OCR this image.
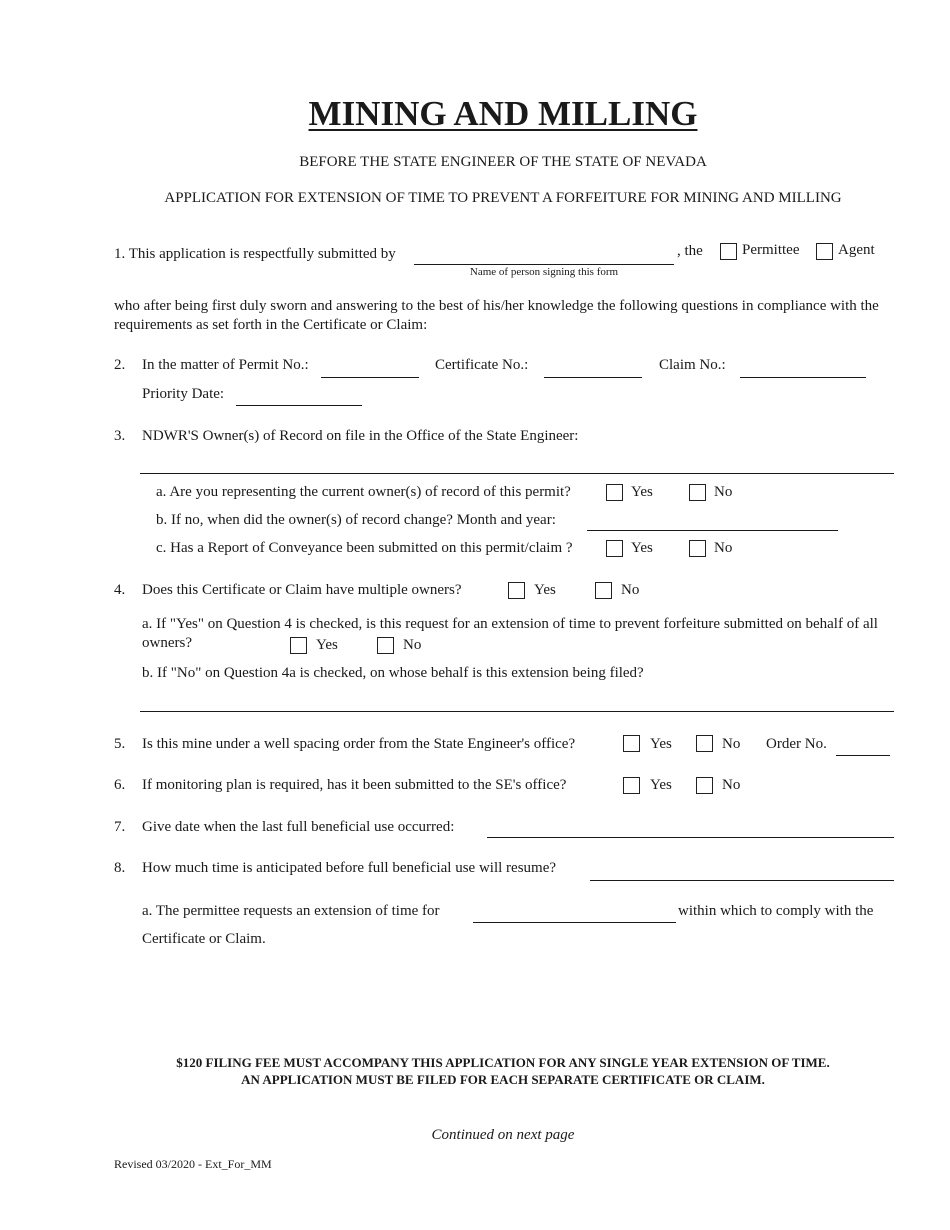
MINING AND MILLING
BEFORE THE STATE ENGINEER OF THE STATE OF NEVADA
APPLICATION FOR EXTENSION OF TIME TO PREVENT A FORFEITURE FOR MINING AND MILLING
1. This application is respectfully submitted by
Name of person signing this form
, the	Permittee	Agent
who after being first duly sworn and answering to the best of his/her knowledge the following questions in compliance with the requirements as set forth in the Certificate or Claim:
2. In the matter of Permit No.:	Certificate No.:	Claim No.:
Priority Date:
3. NDWR'S Owner(s) of Record on file in the Office of the State Engineer:
a. Are you representing the current owner(s) of record of this permit?	Yes	No
b. If no, when did the owner(s) of record change? Month and year:
c. Has a Report of Conveyance been submitted on this permit/claim ?	Yes	No
4. Does this Certificate or Claim have multiple owners?	Yes	No
a. If "Yes" on Question 4 is checked, is this request for an extension of time to prevent forfeiture submitted on behalf of all owners?	Yes	No
b. If "No" on Question 4a is checked, on whose behalf is this extension being filed?
5. Is this mine under a well spacing order from the State Engineer's office?	Yes	No Order No.
6. If monitoring plan is required, has it been submitted to the SE's office?	Yes	No
7. Give date when the last full beneficial use occurred:
8. How much time is anticipated before full beneficial use will resume?
a. The permittee requests an extension of time for	within which to comply with the
Certificate or Claim.
$120 FILING FEE MUST ACCOMPANY THIS APPLICATION FOR ANY SINGLE YEAR EXTENSION OF TIME.
AN APPLICATION MUST BE FILED FOR EACH SEPARATE CERTIFICATE OR CLAIM.
Continued on next page
Revised 03/2020 - Ext_For_MM
